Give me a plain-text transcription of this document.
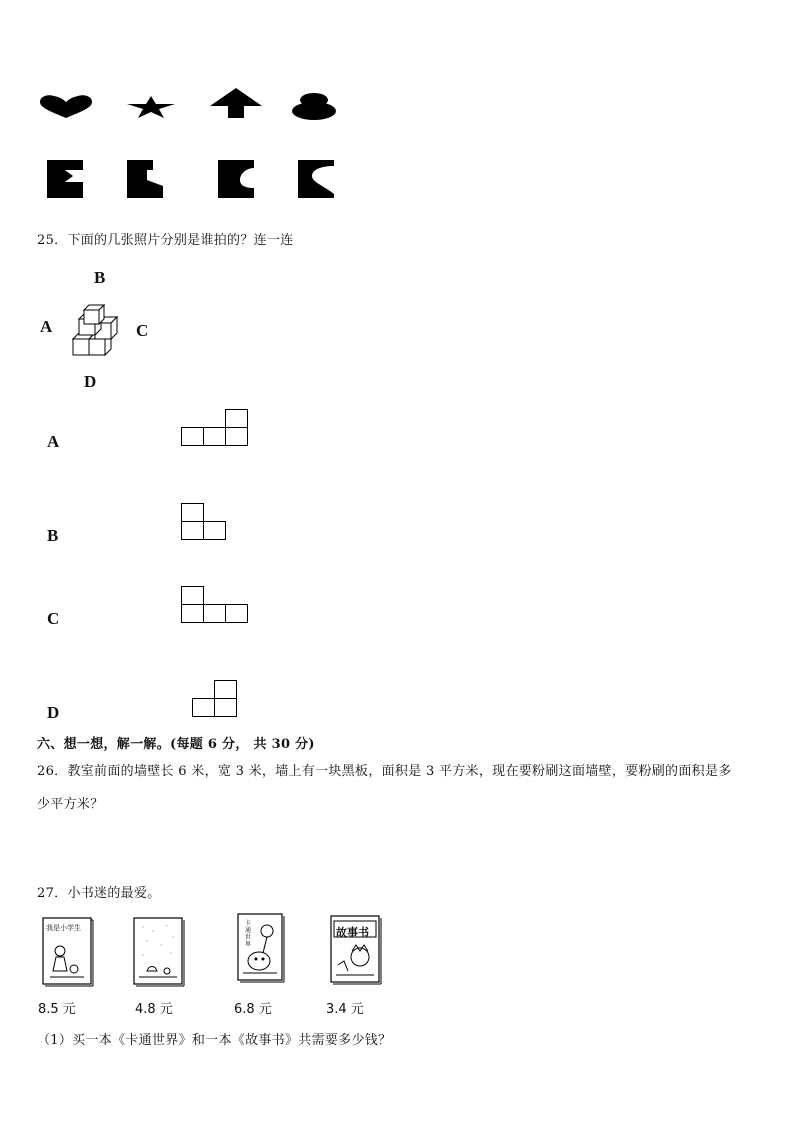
25．下面的几张照片分别是谁拍的？连一连
B
A	C
D
A
B
C
D
六、想一想，解一解。(每题 6 分， 共 30 分)
26．教室前面的墙壁长 6 米，宽 3 米，墙上有一块黑板，面积是 3 平方米，现在要粉刷这面墙壁，要粉刷的面积是多
少平方米？
27．小书迷的最爱。
我是小学生
卡通世界
故事书
8.5 元	4.8 元	6.8 元	3.4 元
（1）买一本《卡通世界》和一本《故事书》共需要多少钱？
